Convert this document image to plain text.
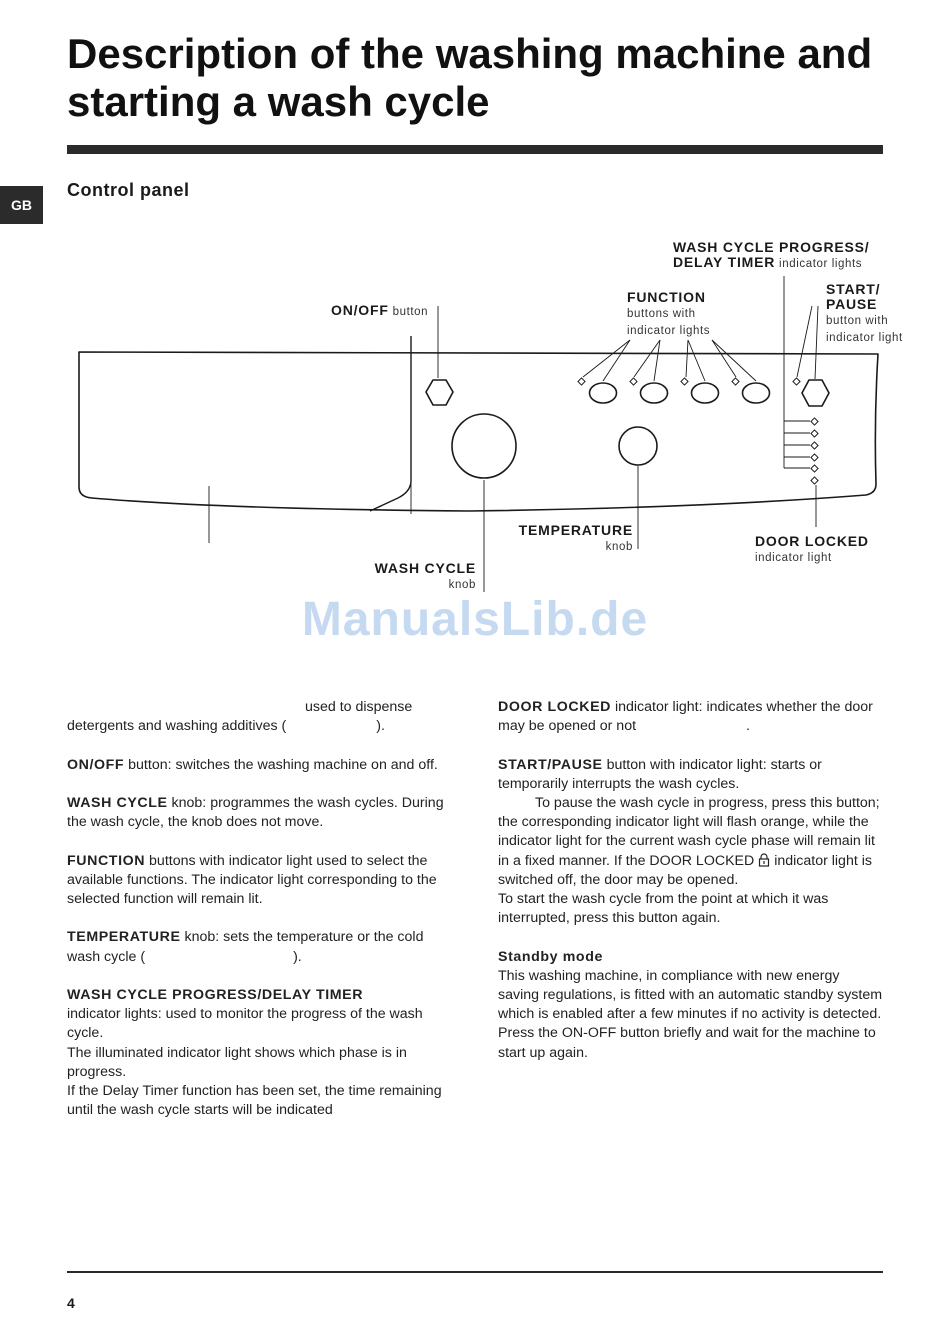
Description of the washing machine and starting a wash cycle
GB
Control panel
WASH CYCLE PROGRESS/
DELAY TIMER indicator lights
ON/OFF button
FUNCTION
buttons with
indicator lights
START/
PAUSE
button with
indicator light
TEMPERATURE
knob	DOOR LOCKED
indicator light
WASH CYCLE
knob
ManualsLib.de

used to dispense detergents and washing additives (	).

ON/OFF button: switches the washing machine on and off.

WASH CYCLE knob: programmes the wash cycles. During the wash cycle, the knob does not move.

FUNCTION buttons with indicator light used to select the available functions. The indicator light corresponding to the selected function will remain lit.

TEMPERATURE knob: sets the temperature or the cold wash cycle (	).

WASH CYCLE PROGRESS/DELAY TIMER
indicator lights: used to monitor the progress of the wash cycle.
The illuminated indicator light shows which phase is in progress.
If the Delay Timer function has been set, the time remaining until the wash cycle starts will be indicated

DOOR LOCKED indicator light: indicates whether the door may be opened or not	.

START/PAUSE button with indicator light: starts or temporarily interrupts the wash cycles.
To pause the wash cycle in progress, press this button; the corresponding indicator light will flash orange, while the indicator light for the current wash cycle phase will remain lit in a fixed manner. If the DOOR LOCKED indicator light is switched off, the door may be opened.
To start the wash cycle from the point at which it was interrupted, press this button again.

Standby mode
This washing machine, in compliance with new energy saving regulations, is fitted with an automatic standby system which is enabled after a few minutes if no activity is detected. Press the ON-OFF button briefly and wait for the machine to start up again.

4
